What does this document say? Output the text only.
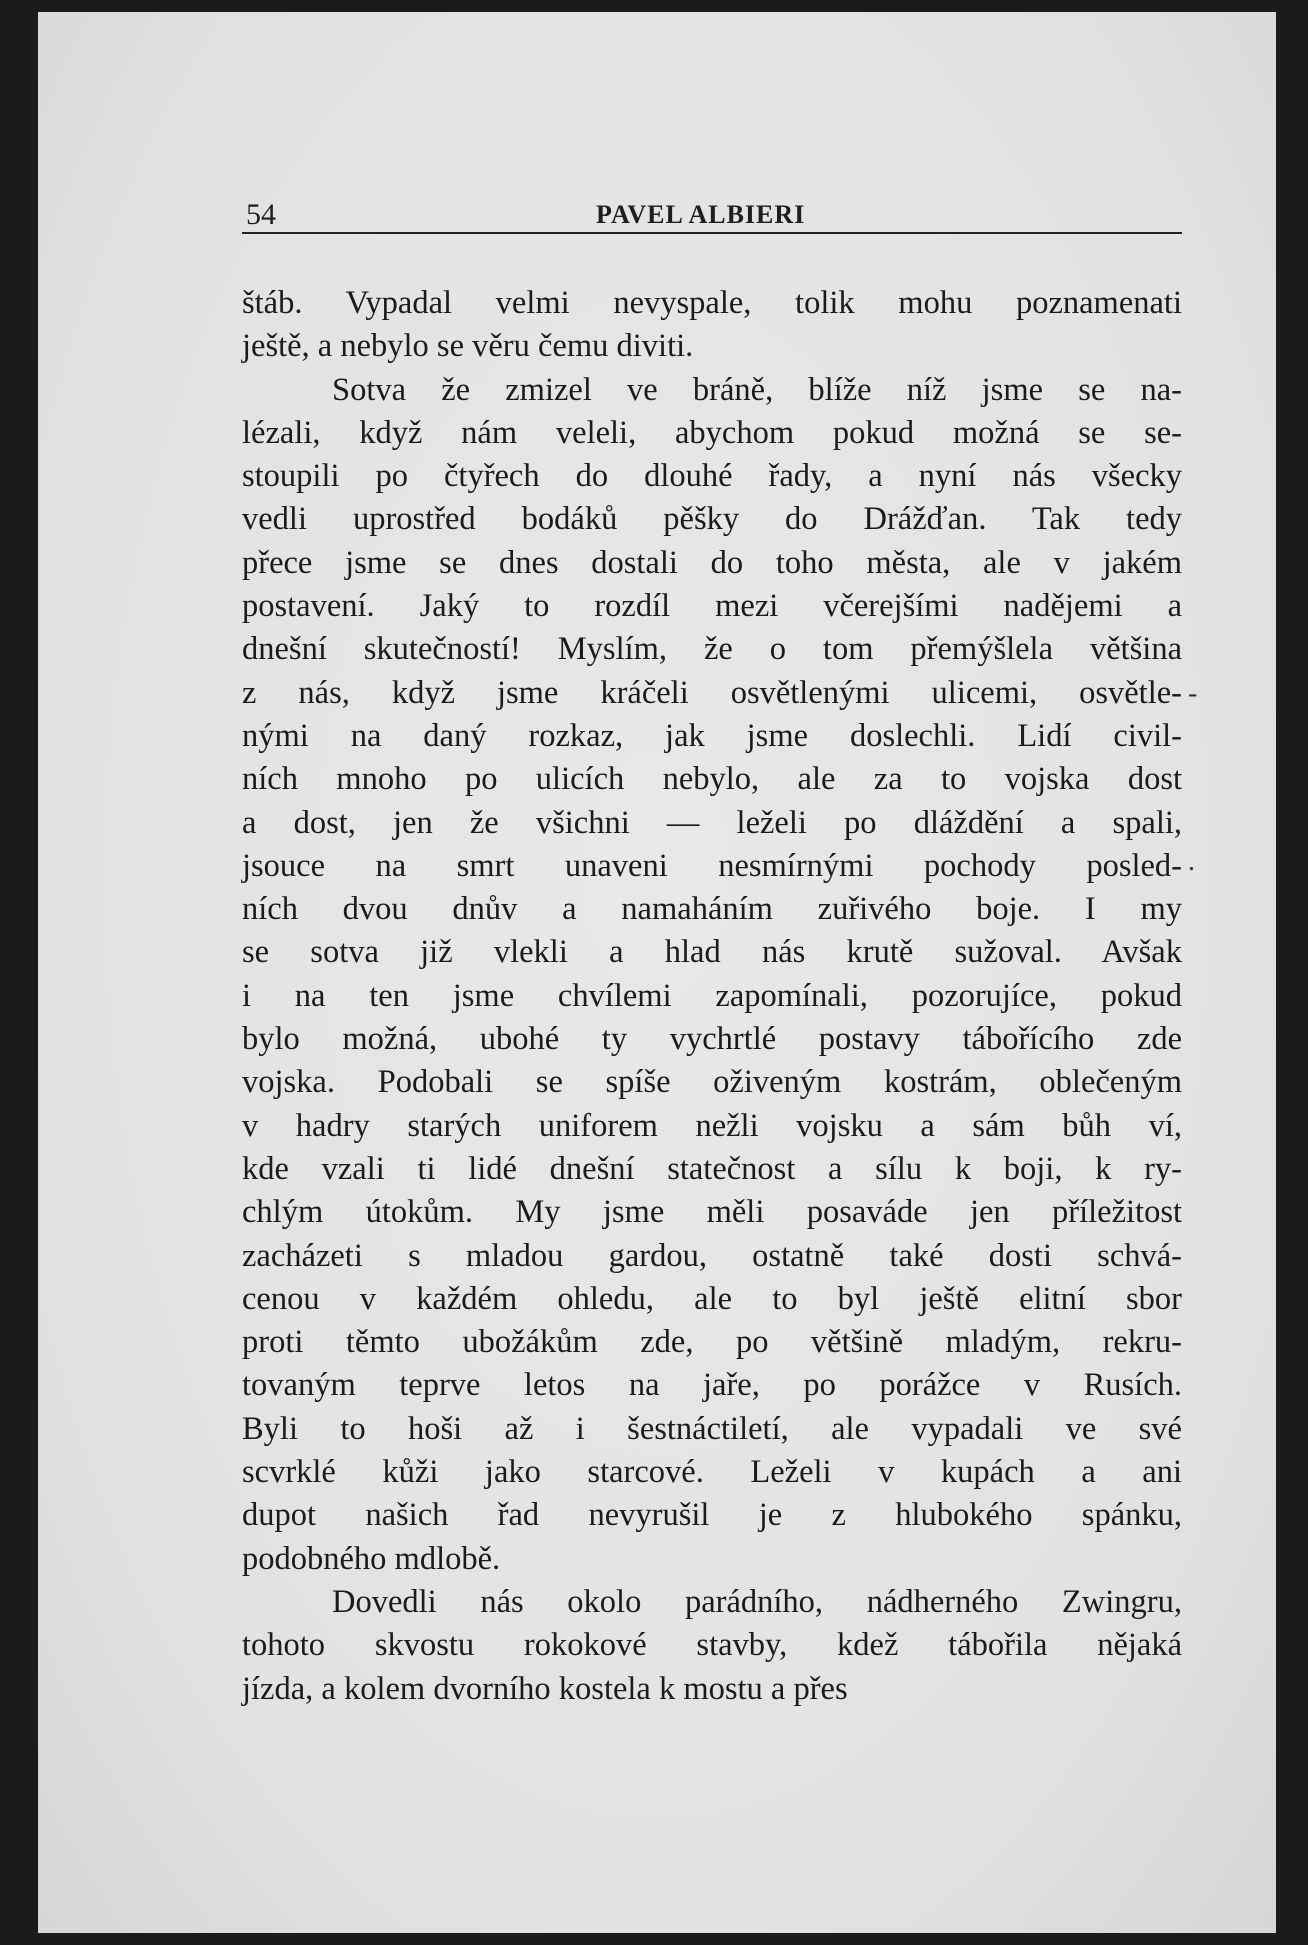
54	PAVEL ALBIERI
štáb. Vypadal velmi nevyspale, tolik mohu poznamenati
ještě, a nebylo se věru čemu diviti.
Sotva že zmizel ve bráně, blíže níž jsme se na-
lézali, když nám veleli, abychom pokud možná se se-
stoupili po čtyřech do dlouhé řady, a nyní nás všecky
vedli uprostřed bodáků pěšky do Drážďan. Tak tedy
přece jsme se dnes dostali do toho města, ale v jakém
postavení. Jaký to rozdíl mezi včerejšími nadějemi a
dnešní skutečností! Myslím, že o tom přemýšlela většina
z nás, když jsme kráčeli osvětlenými ulicemi, osvětle-
nými na daný rozkaz, jak jsme doslechli. Lidí civil-
ních mnoho po ulicích nebylo, ale za to vojska dost
a dost, jen že všichni — leželi po dláždění a spali,
jsouce na smrt unaveni nesmírnými pochody posled-
ních dvou dnův a namaháním zuřivého boje. I my
se sotva již vlekli a hlad nás krutě sužoval. Avšak
i na ten jsme chvílemi zapomínali, pozorujíce, pokud
bylo možná, ubohé ty vychrtlé postavy tábořícího zde
vojska. Podobali se spíše oživeným kostrám, oblečeným
v hadry starých uniforem nežli vojsku a sám bůh ví,
kde vzali ti lidé dnešní statečnost a sílu k boji, k ry-
chlým útokům. My jsme měli posaváde jen příležitost
zacházeti s mladou gardou, ostatně také dosti schvá-
cenou v každém ohledu, ale to byl ještě elitní sbor
proti těmto ubožákům zde, po většině mladým, rekru-
tovaným teprve letos na jaře, po porážce v Rusích.
Byli to hoši až i šestnáctiletí, ale vypadali ve své
scvrklé kůži jako starcové. Leželi v kupách a ani
dupot našich řad nevyrušil je z hlubokého spánku,
podobného mdlobě.
Dovedli nás okolo parádního, nádherného Zwingru,
tohoto skvostu rokokové stavby, kdež tábořila nějaká
jízda, a kolem dvorního kostela k mostu a přes
-
.
